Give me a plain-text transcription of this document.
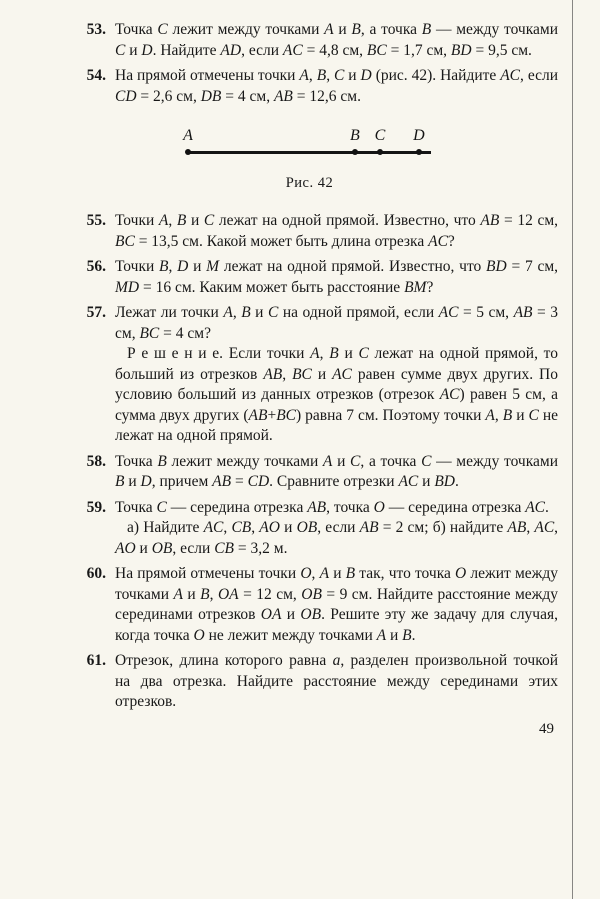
53. Точка C лежит между точками A и B, а точка B — между точками C и D. Найдите AD, если AC = 4,8 см, BC = 1,7 см, BD = 9,5 см.

54. На прямой отмечены точки A, B, C и D (рис. 42). Найдите AC, если CD = 2,6 см, DB = 4 см, AB = 12,6 см.

A	B C D
Рис. 42
55. Точки A, B и C лежат на одной прямой. Известно, что AB = 12 см, BC = 13,5 см. Какой может быть длина отрезка AC?

56. Точки B, D и M лежат на одной прямой. Известно, что BD = 7 см, MD = 16 см. Каким может быть расстояние BM?

57. Лежат ли точки A, B и C на одной прямой, если AC = 5 см, AB = 3 см, BC = 4 см?

Р е ш е н и е. Если точки A, B и C лежат на одной прямой, то больший из отрезков AB, BC и AC равен сумме двух других. По условию больший из данных отрезков (отрезок AC) равен 5 см, а сумма двух других (AB+BC) равна 7 см. Поэтому точки A, B и C не лежат на одной прямой.

58. Точка B лежит между точками A и C, а точка C — между точками B и D, причем AB = CD. Сравните отрезки AC и BD.

59. Точка C — середина отрезка AB, точка O — середина отрезка AC.

а) Найдите AC, CB, AO и OB, если AB = 2 см; б) найдите AB, AC, AO и OB, если CB = 3,2 м.

60. На прямой отмечены точки O, A и B так, что точка O лежит между точками A и B, OA = 12 см, OB = 9 см. Найдите расстояние между серединами отрезков OA и OB. Решите эту же задачу для случая, когда точка O не лежит между точками A и B.

61. Отрезок, длина которого равна a, разделен произвольной точкой на два отрезка. Найдите расстояние между серединами этих отрезков.

49
